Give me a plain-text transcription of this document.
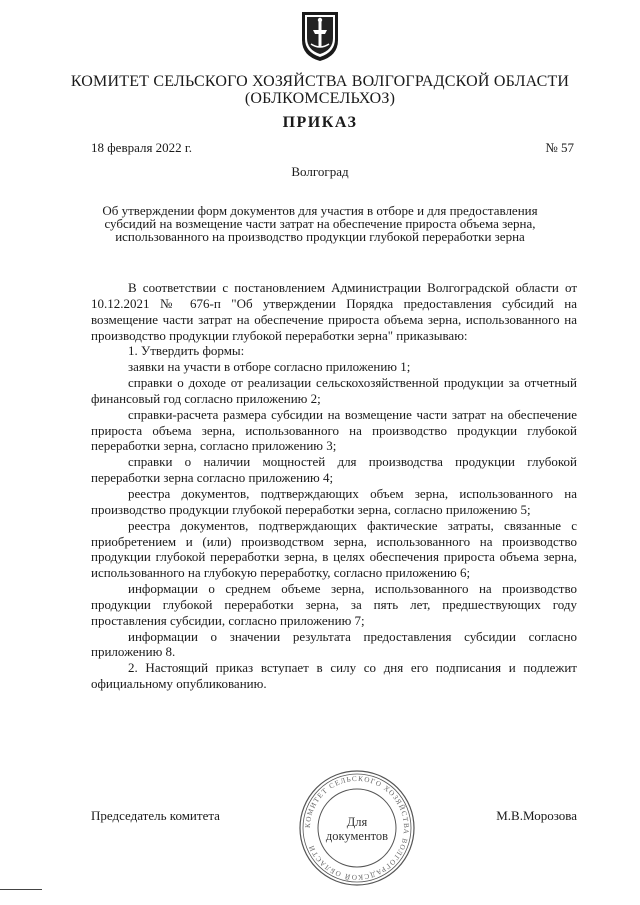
КОМИТЕТ СЕЛЬСКОГО ХОЗЯЙСТВА ВОЛГОГРАДСКОЙ ОБЛАСТИ
(ОБЛКОМСЕЛЬХОЗ)
ПРИКАЗ
18 февраля 2022 г.	№ 57
Волгоград
Об утверждении форм документов для участия в отборе и для предоставления субсидий на возмещение части затрат на обеспечение прироста объема зерна, использованного на производство продукции глубокой переработки зерна

В соответствии с постановлением Администрации Волгоградской области от 10.12.2021 № 676-п "Об утверждении Порядка предоставления субсидий на возмещение части затрат на обеспечение прироста объема зерна, использованного на производство продукции глубокой переработки зерна" приказываю:

1. Утвердить формы:

заявки на участи в отборе согласно приложению 1;

справки о доходе от реализации сельскохозяйственной продукции за отчетный финансовый год согласно приложению 2;

справки-расчета размера субсидии на возмещение части затрат на обеспечение прироста объема зерна, использованного на производство продукции глубокой переработки зерна, согласно приложению 3;

справки о наличии мощностей для производства продукции глубокой переработки зерна согласно приложению 4;

реестра документов, подтверждающих объем зерна, использованного на производство продукции глубокой переработки зерна, согласно приложению 5;

реестра документов, подтверждающих фактические затраты, связанные с приобретением и (или) производством зерна, использованного на производство продукции глубокой переработки зерна, в целях обеспечения прироста объема зерна, использованного на глубокую переработку, согласно приложению 6;

информации о среднем объеме зерна, использованного на производство продукции глубокой переработки зерна, за пять лет, предшествующих году проставления субсидии, согласно приложению 7;

информации о значении результата предоставления субсидии согласно приложению 8.

2. Настоящий приказ вступает в силу со дня его подписания и подлежит официальному опубликованию.

Председатель комитета	М.В.Морозова
КОМИТЕТ СЕЛЬСКОГО ХОЗЯЙСТВА ВОЛГОГРАДСКОЙ ОБЛАСТИ
Для
документов
